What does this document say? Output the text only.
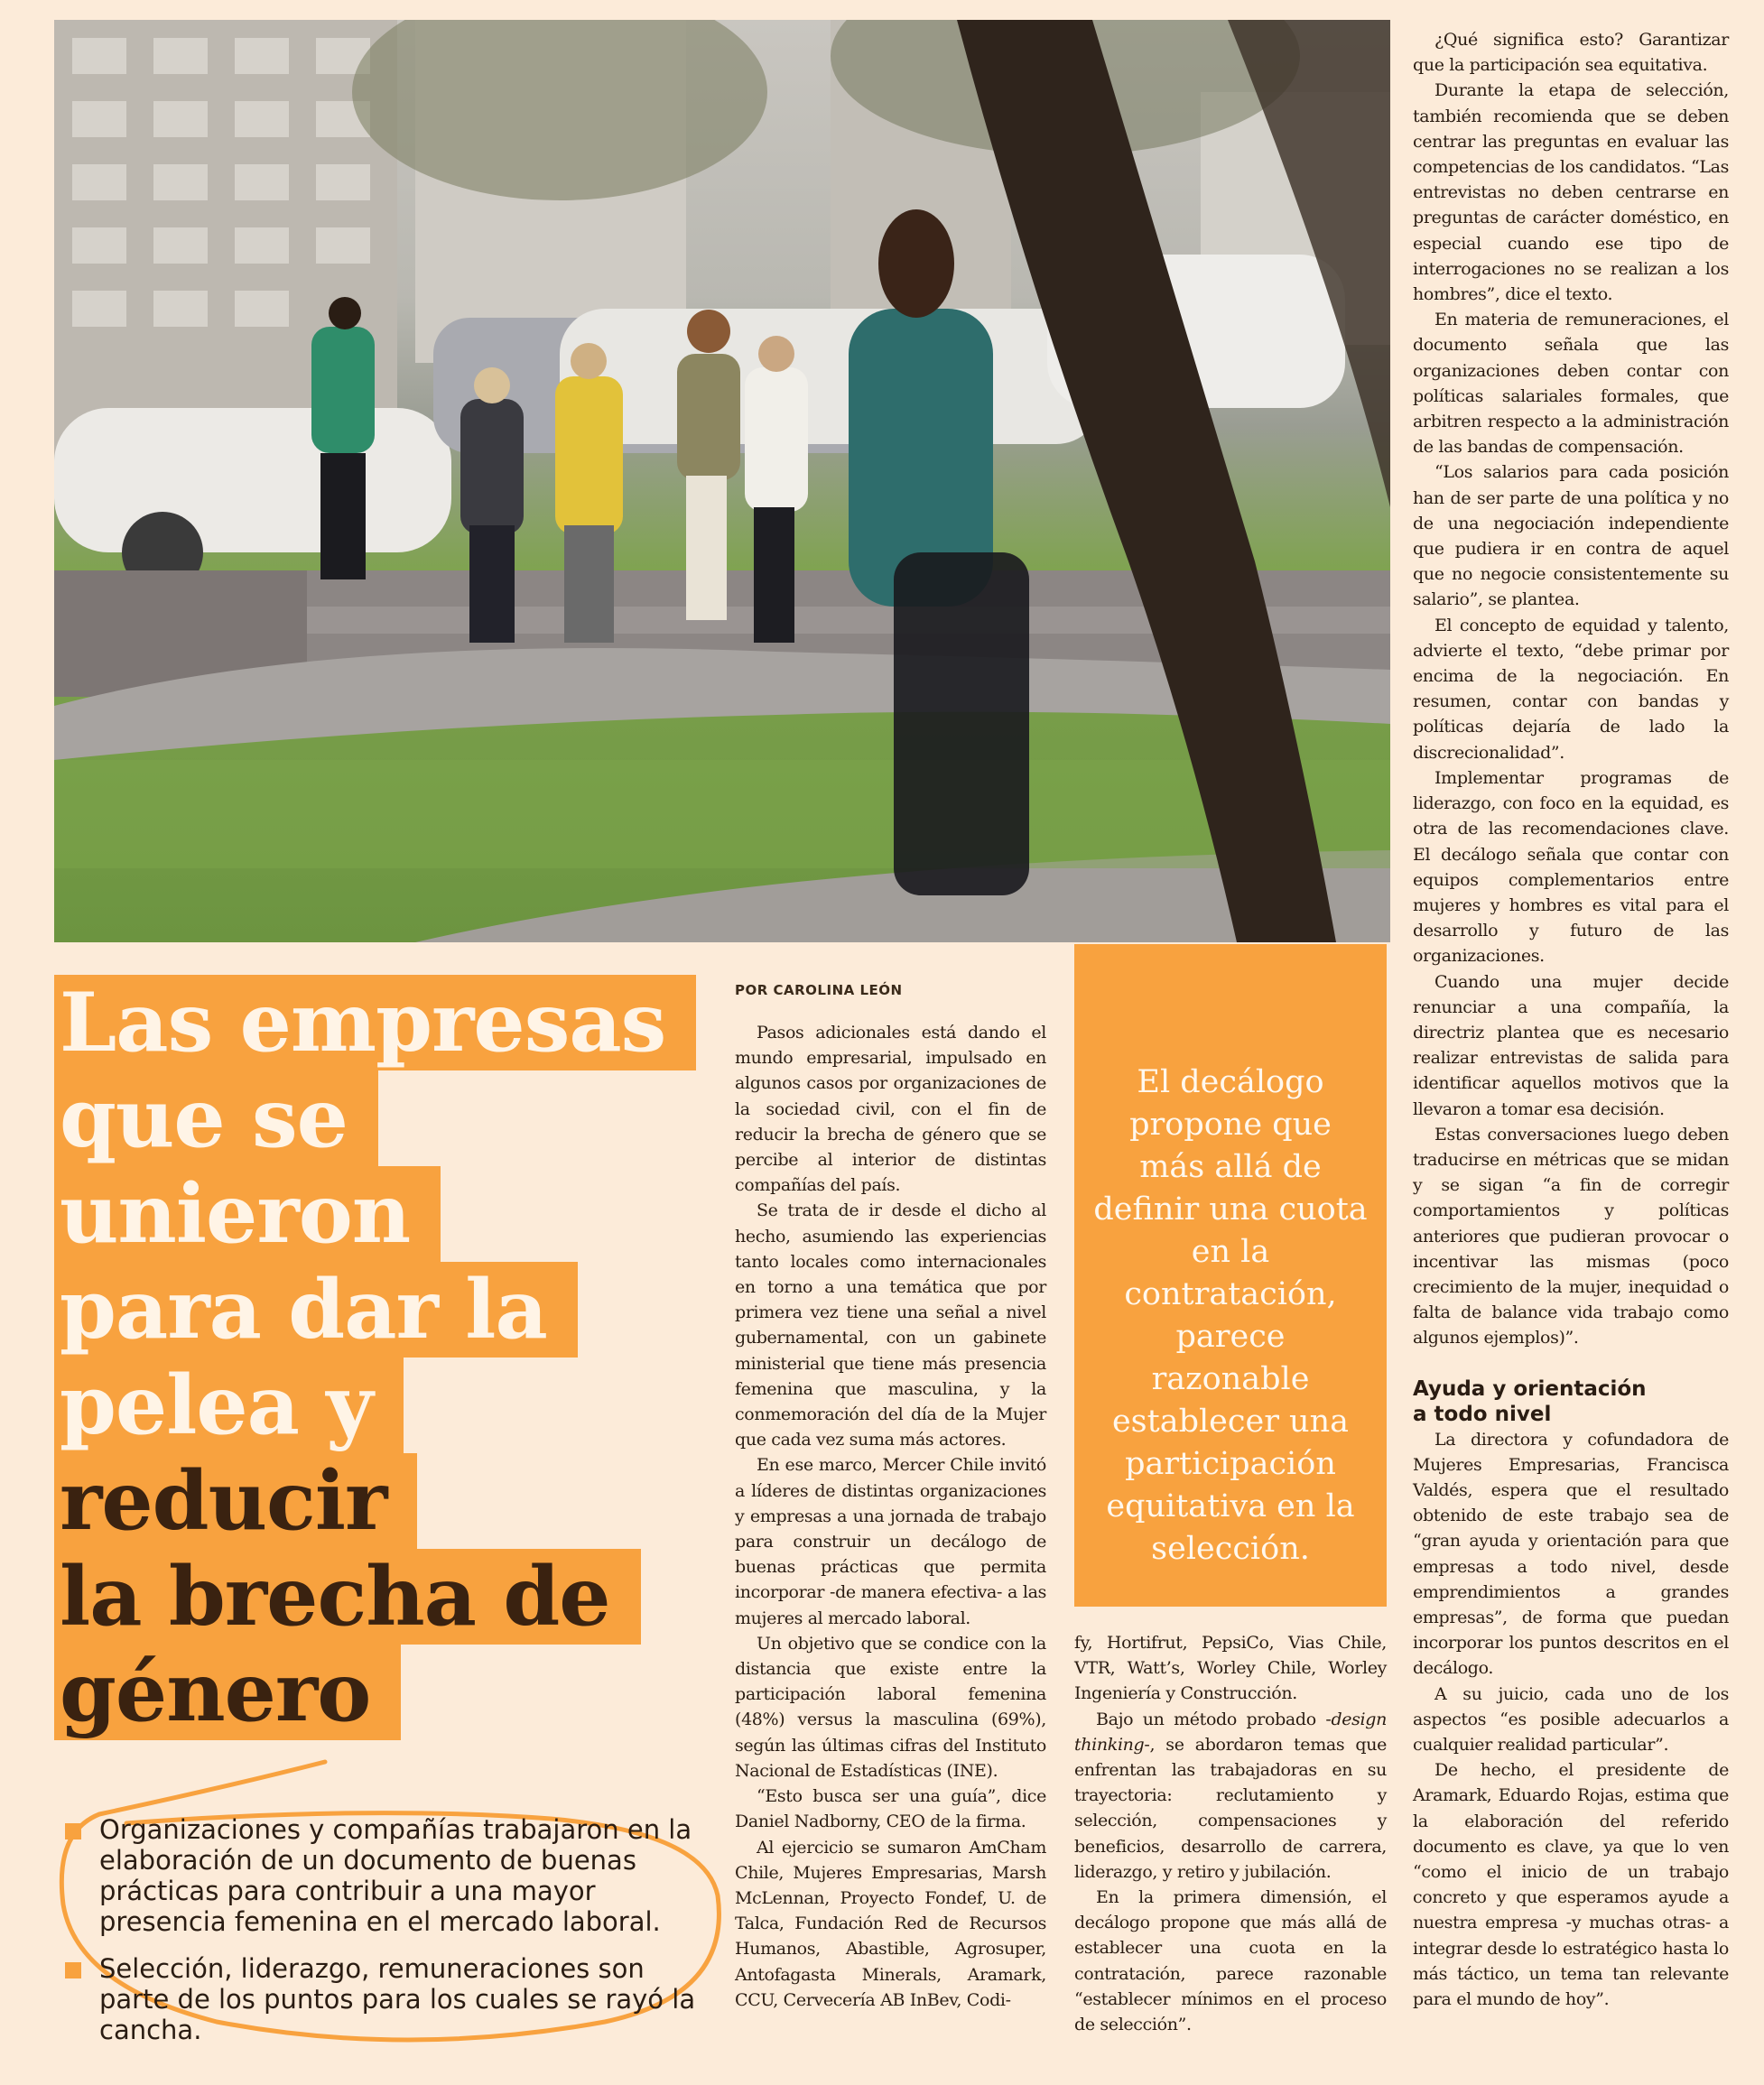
Las empresas
que se unieron
para dar la
pelea y reducir
la brecha de
género
Organizaciones y compañías trabajaron en la elaboración de un documento de buenas prácticas para contribuir a una mayor presencia femenina en el mercado laboral.
Selección, liderazgo, remuneraciones son parte de los puntos para los cuales se rayó la cancha.
POR CAROLINA LEÓN

Pasos adicionales está dando el mundo empresarial, impulsado en algunos casos por organizaciones de la sociedad civil, con el fin de reducir la brecha de género que se percibe al interior de distintas compañías del país.

Se trata de ir desde el dicho al hecho, asumiendo las experiencias tanto locales como internacionales en torno a una temática que por primera vez tiene una señal a nivel gubernamental, con un gabinete ministerial que tiene más presencia femenina que masculina, y la conmemoración del día de la Mujer que cada vez suma más actores.

En ese marco, Mercer Chile invitó a líderes de distintas organizaciones y empresas a una jornada de trabajo para construir un decálogo de buenas prácticas que permita incorporar -de manera efectiva- a las mujeres al mercado laboral.

Un objetivo que se condice con la distancia que existe entre la participación laboral femenina (48%) versus la masculina (69%), según las últimas cifras del Instituto Nacional de Estadísticas (INE).

“Esto busca ser una guía”, dice Daniel Nadborny, CEO de la firma.

Al ejercicio se sumaron AmCham Chile, Mujeres Empresarias, Marsh McLennan, Proyecto Fondef, U. de Talca, Fundación Red de Recursos Humanos, Abastible, Agrosuper, Antofagasta Minerals, Aramark, CCU, Cervecería AB InBev, Codi-

El decálogo propone que más allá de definir una cuota en la contratación, parece razonable establecer una participación equitativa en la selección.

fy, Hortifrut, PepsiCo, Vias Chile, VTR, Watt’s, Worley Chile, Worley Ingeniería y Construcción.

Bajo un método probado -design thinking-, se abordaron temas que enfrentan las trabajadoras en su trayectoria: reclutamiento y selección, compensaciones y beneficios, desarrollo de carrera, liderazgo, y retiro y jubilación.

En la primera dimensión, el decálogo propone que más allá de establecer una cuota en la contratación, parece razonable “establecer mínimos en el proceso de selección”.

¿Qué significa esto? Garantizar que la participación sea equitativa.

Durante la etapa de selección, también recomienda que se deben centrar las preguntas en evaluar las competencias de los candidatos. “Las entrevistas no deben centrarse en preguntas de carácter doméstico, en especial cuando ese tipo de interrogaciones no se realizan a los hombres”, dice el texto.

En materia de remuneraciones, el documento señala que las organizaciones deben contar con políticas salariales formales, que arbitren respecto a la administración de las bandas de compensación.

“Los salarios para cada posición han de ser parte de una política y no de una negociación independiente que pudiera ir en contra de aquel que no negocie consistentemente su salario”, se plantea.

El concepto de equidad y talento, advierte el texto, “debe primar por encima de la negociación. En resumen, contar con bandas y políticas dejaría de lado la discrecionalidad”.

Implementar programas de liderazgo, con foco en la equidad, es otra de las recomendaciones clave. El decálogo señala que contar con equipos complementarios entre mujeres y hombres es vital para el desarrollo y futuro de las organizaciones.

Cuando una mujer decide renunciar a una compañía, la directriz plantea que es necesario realizar entrevistas de salida para identificar aquellos motivos que la llevaron a tomar esa decisión.

Estas conversaciones luego deben traducirse en métricas que se midan y se sigan “a fin de corregir comportamientos y políticas anteriores que pudieran provocar o incentivar las mismas (poco crecimiento de la mujer, inequidad o falta de balance vida trabajo como algunos ejemplos)”.

Ayuda y orientación
a todo nivel

La directora y cofundadora de Mujeres Empresarias, Francisca Valdés, espera que el resultado obtenido de este trabajo sea de “gran ayuda y orientación para que empresas a todo nivel, desde emprendimientos a grandes empresas”, de forma que puedan incorporar los puntos descritos en el decálogo.

A su juicio, cada uno de los aspectos “es posible adecuarlos a cualquier realidad particular”.

De hecho, el presidente de Aramark, Eduardo Rojas, estima que la elaboración del referido documento es clave, ya que lo ven “como el inicio de un trabajo concreto y que esperamos ayude a nuestra empresa -y muchas otras- a integrar desde lo estratégico hasta lo más táctico, un tema tan relevante para el mundo de hoy”.
